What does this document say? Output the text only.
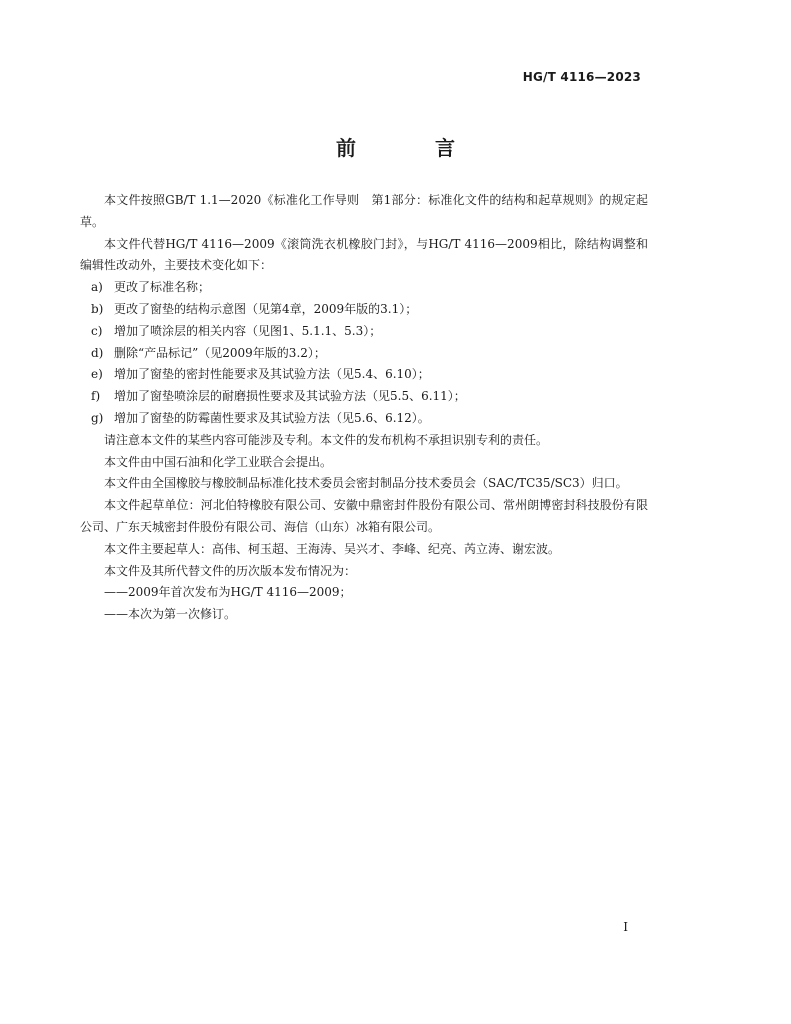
HG/T 4116—2023
前 言

本文件按照GB/T 1.1—2020《标准化工作导则　第1部分：标准化文件的结构和起草规则》的规定起草。

本文件代替HG/T 4116—2009《滚筒洗衣机橡胶门封》，与HG/T 4116—2009相比，除结构调整和编辑性改动外，主要技术变化如下：

a) 更改了标准名称；
b) 更改了窗垫的结构示意图（见第4章，2009年版的3.1）；
c) 增加了喷涂层的相关内容（见图1、5.1.1、5.3）；
d) 删除“产品标记”（见2009年版的3.2）；
e) 增加了窗垫的密封性能要求及其试验方法（见5.4、6.10）；
f)	增加了窗垫喷涂层的耐磨损性要求及其试验方法（见5.5、6.11）；
g) 增加了窗垫的防霉菌性要求及其试验方法（见5.6、6.12）。

请注意本文件的某些内容可能涉及专利。本文件的发布机构不承担识别专利的责任。

本文件由中国石油和化学工业联合会提出。

本文件由全国橡胶与橡胶制品标准化技术委员会密封制品分技术委员会（SAC/TC35/SC3）归口。

本文件起草单位：河北伯特橡胶有限公司、安徽中鼎密封件股份有限公司、常州朗博密封科技股份有限公司、广东天城密封件股份有限公司、海信（山东）冰箱有限公司。

本文件主要起草人：高伟、柯玉超、王海涛、吴兴才、李峰、纪亮、芮立涛、谢宏波。

本文件及其所代替文件的历次版本发布情况为：

——2009年首次发布为HG/T 4116—2009；

——本次为第一次修订。

I
